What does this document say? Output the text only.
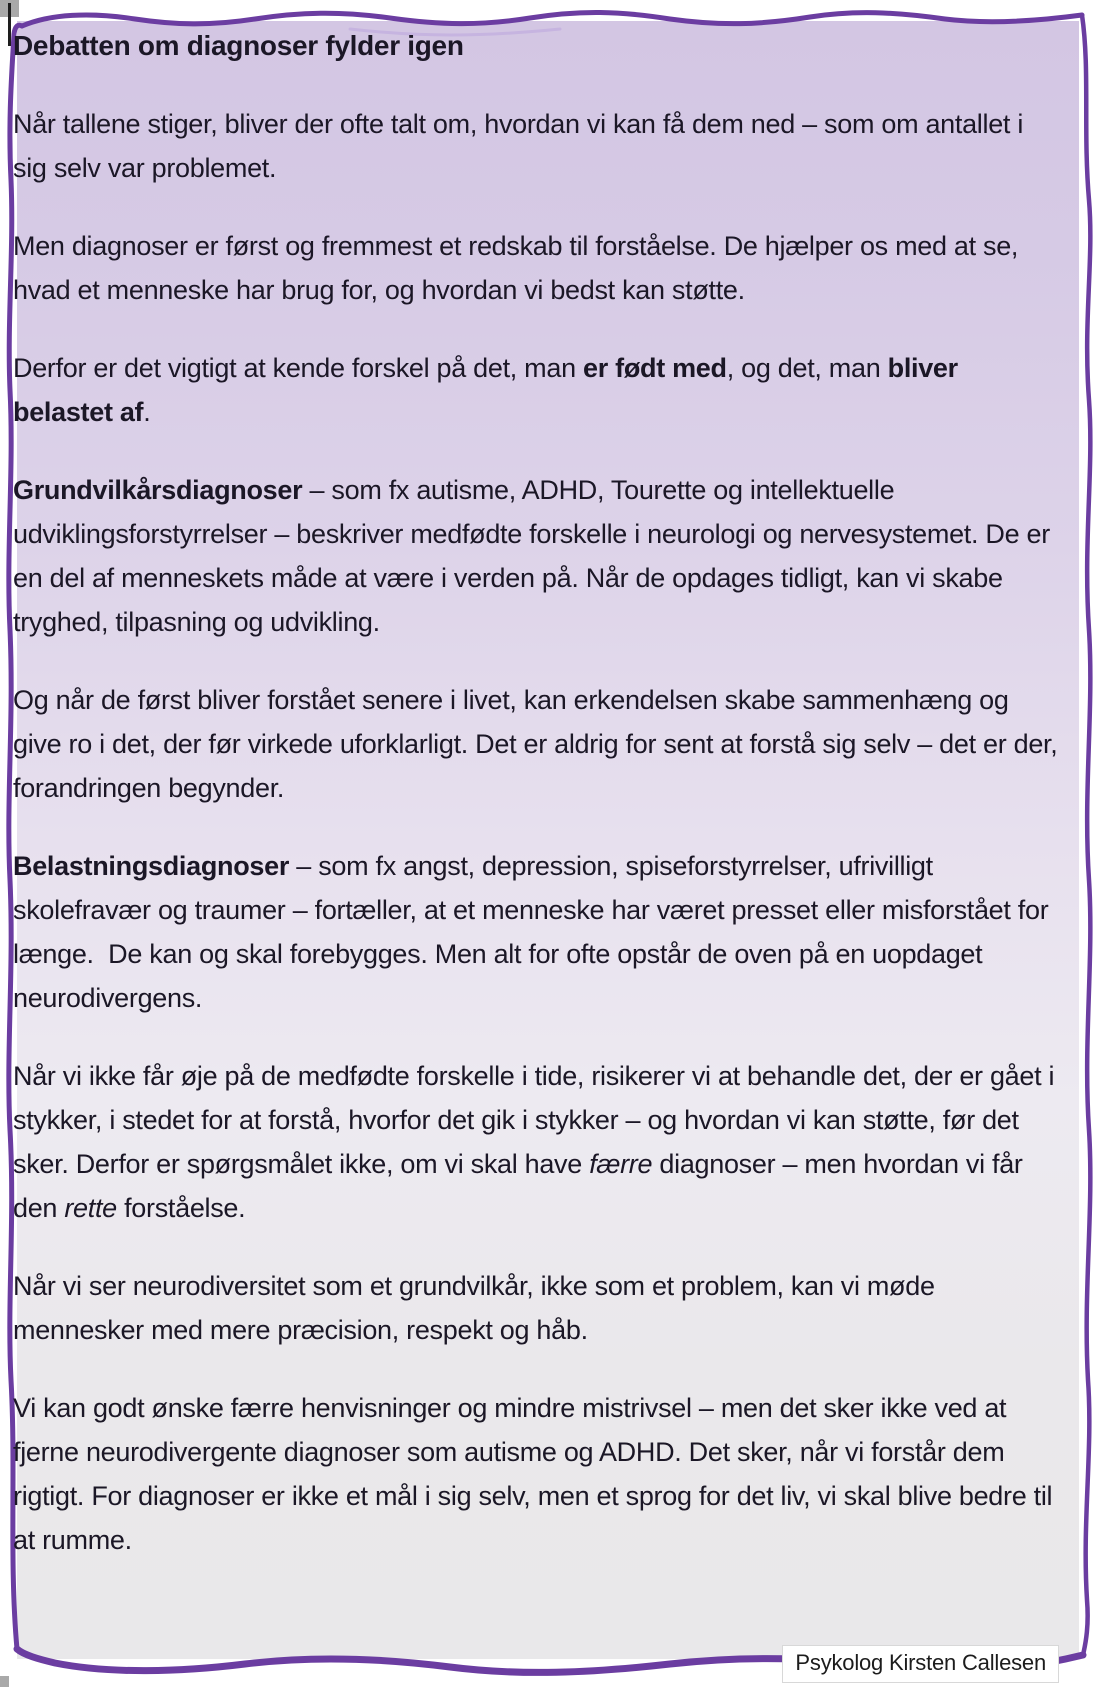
Debatten om diagnoser fylder igen
Når tallene stiger, bliver der ofte talt om, hvordan vi kan få dem ned – som om antallet i sig selv var problemet.
Men diagnoser er først og fremmest et redskab til forståelse. De hjælper os med at se, hvad et menneske har brug for, og hvordan vi bedst kan støtte.
Derfor er det vigtigt at kende forskel på det, man er født med, og det, man bliver belastet af.
Grundvilkårsdiagnoser – som fx autisme, ADHD, Tourette og intellektuelle udviklingsforstyrrelser – beskriver medfødte forskelle i neurologi og nervesystemet. De er en del af menneskets måde at være i verden på. Når de opdages tidligt, kan vi skabe tryghed, tilpasning og udvikling.
Og når de først bliver forstået senere i livet, kan erkendelsen skabe sammenhæng og give ro i det, der før virkede uforklarligt. Det er aldrig for sent at forstå sig selv – det er der, forandringen begynder.
Belastningsdiagnoser – som fx angst, depression, spiseforstyrrelser, ufrivilligt skolefravær og traumer – fortæller, at et menneske har været presset eller misforstået for længe.  De kan og skal forebygges. Men alt for ofte opstår de oven på en uopdaget neurodivergens.
Når vi ikke får øje på de medfødte forskelle i tide, risikerer vi at behandle det, der er gået i stykker, i stedet for at forstå, hvorfor det gik i stykker – og hvordan vi kan støtte, før det sker. Derfor er spørgsmålet ikke, om vi skal have færre diagnoser – men hvordan vi får den rette forståelse.
Når vi ser neurodiversitet som et grundvilkår, ikke som et problem, kan vi møde mennesker med mere præcision, respekt og håb.
Vi kan godt ønske færre henvisninger og mindre mistrivsel – men det sker ikke ved at fjerne neurodivergente diagnoser som autisme og ADHD. Det sker, når vi forstår dem rigtigt. For diagnoser er ikke et mål i sig selv, men et sprog for det liv, vi skal blive bedre til at rumme.
Psykolog Kirsten Callesen
